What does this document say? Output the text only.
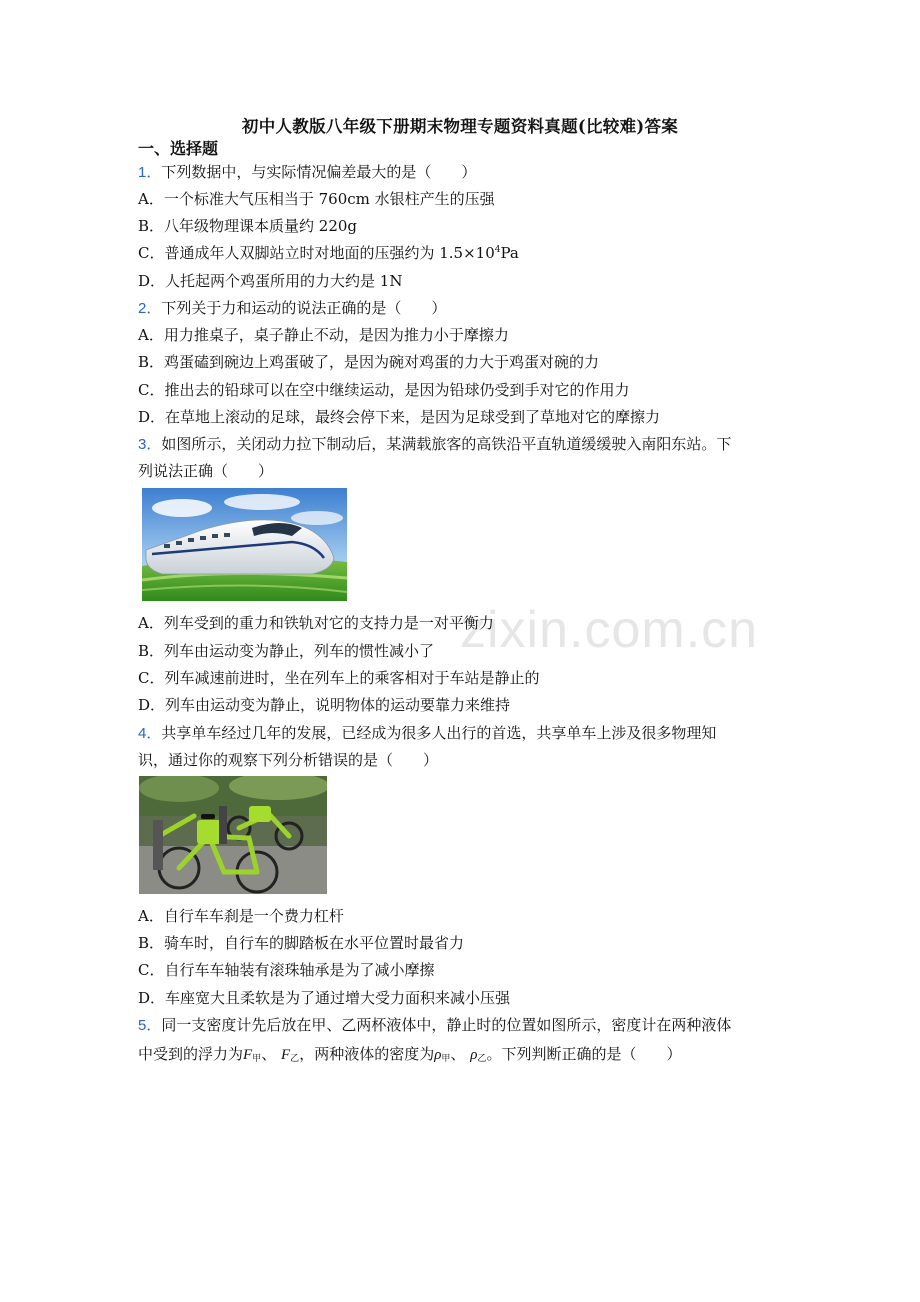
zixin.com.cn
初中人教版八年级下册期末物理专题资料真题(比较难)答案
一、选择题
1．下列数据中，与实际情况偏差最大的是（　　）
A．一个标准大气压相当于 760cm 水银柱产生的压强
B．八年级物理课本质量约 220g
C．普通成年人双脚站立时对地面的压强约为 $1.5\times 10^4Pa$
D．人托起两个鸡蛋所用的力大约是 1N
2．下列关于力和运动的说法正确的是（　　）
A．用力推桌子，桌子静止不动，是因为推力小于摩擦力
B．鸡蛋磕到碗边上鸡蛋破了，是因为碗对鸡蛋的力大于鸡蛋对碗的力
C．推出去的铅球可以在空中继续运动，是因为铅球仍受到手对它的作用力
D．在草地上滚动的足球，最终会停下来，是因为足球受到了草地对它的摩擦力
3．如图所示，关闭动力拉下制动后，某满载旅客的高铁沿平直轨道缓缓驶入南阳东站。下
列说法正确（　　）
A．列车受到的重力和铁轨对它的支持力是一对平衡力
B．列车由运动变为静止，列车的惯性减小了
C．列车减速前进时，坐在列车上的乘客相对于车站是静止的
D．列车由运动变为静止，说明物体的运动要靠力来维持
4．共享单车经过几年的发展，已经成为很多人出行的首选，共享单车上涉及很多物理知
识，通过你的观察下列分析错误的是（　　）
A．自行车车刹是一个费力杠杆
B．骑车时，自行车的脚踏板在水平位置时最省力
C．自行车车轴装有滚珠轴承是为了减小摩擦
D．车座宽大且柔软是为了通过增大受力面积来减小压强
5．同一支密度计先后放在甲、乙两杯液体中，静止时的位置如图所示，密度计在两种液体
中受到的浮力为$F_甲$、 $F_乙$，两种液体的密度为$\rho_甲$、 $\rho_乙$。下列判断正确的是（　　）
